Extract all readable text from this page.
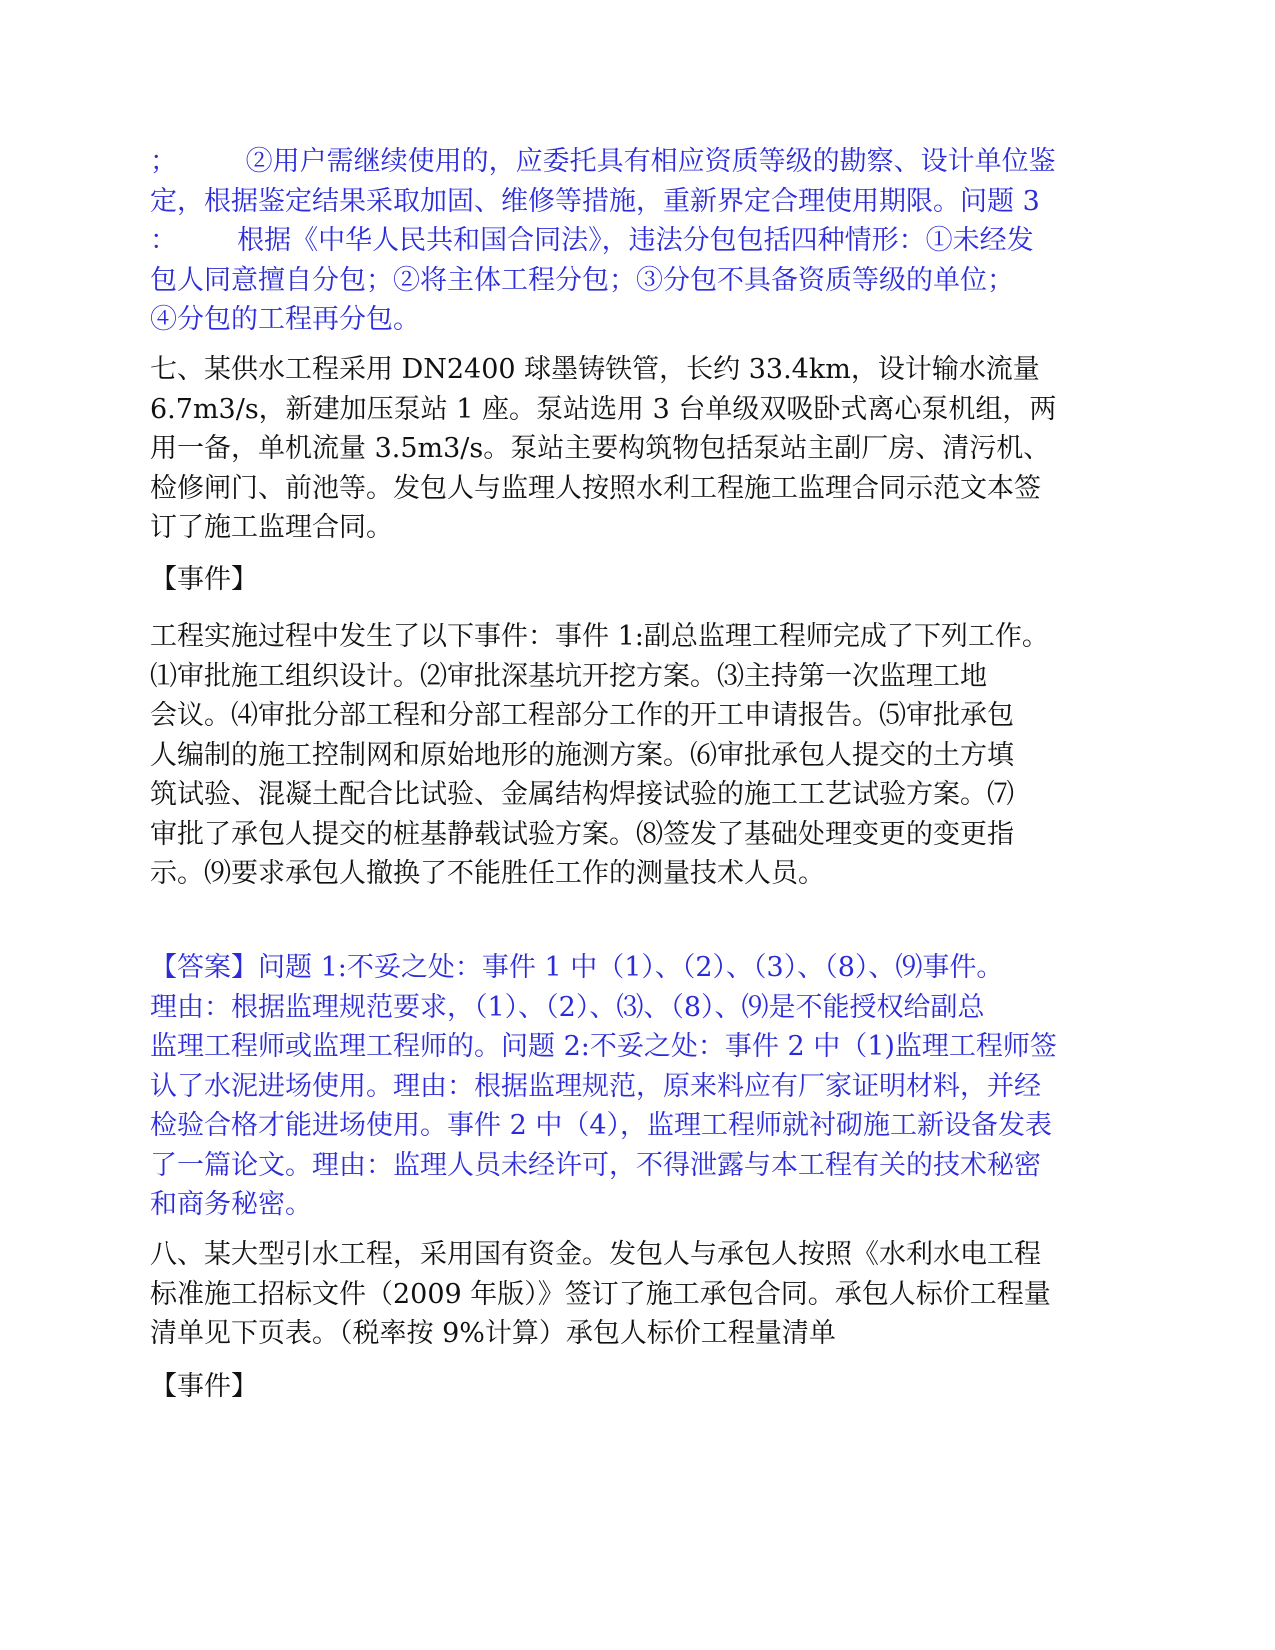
；        ②用户需继续使用的，应委托具有相应资质等级的勘察、设计单位鉴
定，根据鉴定结果采取加固、维修等措施，重新界定合理使用期限。问题 3
：       根据《中华人民共和国合同法》，违法分包包括四种情形：①未经发
包人同意擅自分包；②将主体工程分包；③分包不具备资质等级的单位；
④分包的工程再分包。
七、某供水工程采用 DN2400 球墨铸铁管，长约 33.4km，设计输水流量
6.7m3/s，新建加压泵站 1 座。泵站选用 3 台单级双吸卧式离心泵机组，两
用一备，单机流量 3.5m3/s。泵站主要构筑物包括泵站主副厂房、清污机、
检修闸门、前池等。发包人与监理人按照水利工程施工监理合同示范文本签
订了施工监理合同。
【事件】
工程实施过程中发生了以下事件：事件 1:副总监理工程师完成了下列工作。
⑴审批施工组织设计。⑵审批深基坑开挖方案。⑶主持第一次监理工地
会议。⑷审批分部工程和分部工程部分工作的开工申请报告。⑸审批承包
人编制的施工控制网和原始地形的施测方案。⑹审批承包人提交的土方填
筑试验、混凝土配合比试验、金属结构焊接试验的施工工艺试验方案。⑺
审批了承包人提交的桩基静载试验方案。⑻签发了基础处理变更的变更指
示。⑼要求承包人撤换了不能胜任工作的测量技术人员。
【答案】问题 1:不妥之处：事件 1 中（1）、（2）、（3）、（8）、⑼事件。
理由：根据监理规范要求，（1）、（2）、⑶、（8）、⑼是不能授权给副总
监理工程师或监理工程师的。问题 2:不妥之处：事件 2 中（1)监理工程师签
认了水泥进场使用。理由：根据监理规范，原来料应有厂家证明材料，并经
检验合格才能进场使用。事件 2 中（4），监理工程师就衬砌施工新设备发表
了一篇论文。理由：监理人员未经许可，不得泄露与本工程有关的技术秘密
和商务秘密。
八、某大型引水工程，采用国有资金。发包人与承包人按照《水利水电工程
标准施工招标文件（2009 年版）》签订了施工承包合同。承包人标价工程量
清单见下页表。（税率按 9%计算）承包人标价工程量清单
【事件】
